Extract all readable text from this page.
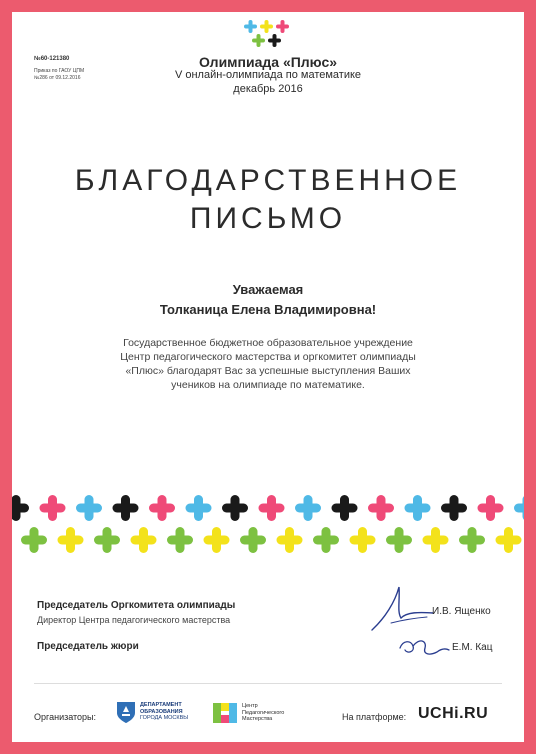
Олимпиада «Плюс»
V онлайн-олимпиада по математике
декабрь 2016
№60-121380
Приказ по ГАОУ ЦПМ
№286 от 09.12.2016
БЛАГОДАРСТВЕННОЕ
ПИСЬМО
Уважаемая
Толканица Елена Владимировна!
Государственное бюджетное образовательное учреждение
Центр педагогического мастерства и оргкомитет олимпиады
«Плюс» благодарят Вас за успешные выступления Ваших
учеников на олимпиаде по математике.
Председатель Оргкомитета олимпиады
Директор Центра педагогического мастерства
И.В. Ященко
Председатель жюри	Е.М. Кац
Организаторы:
ДЕПАРТАМЕНТ
ОБРАЗОВАНИЯ
ГОРОДА МОСКВЫ
Центр
Педагогического
Мастерства	На платформе: UCHi.RU
